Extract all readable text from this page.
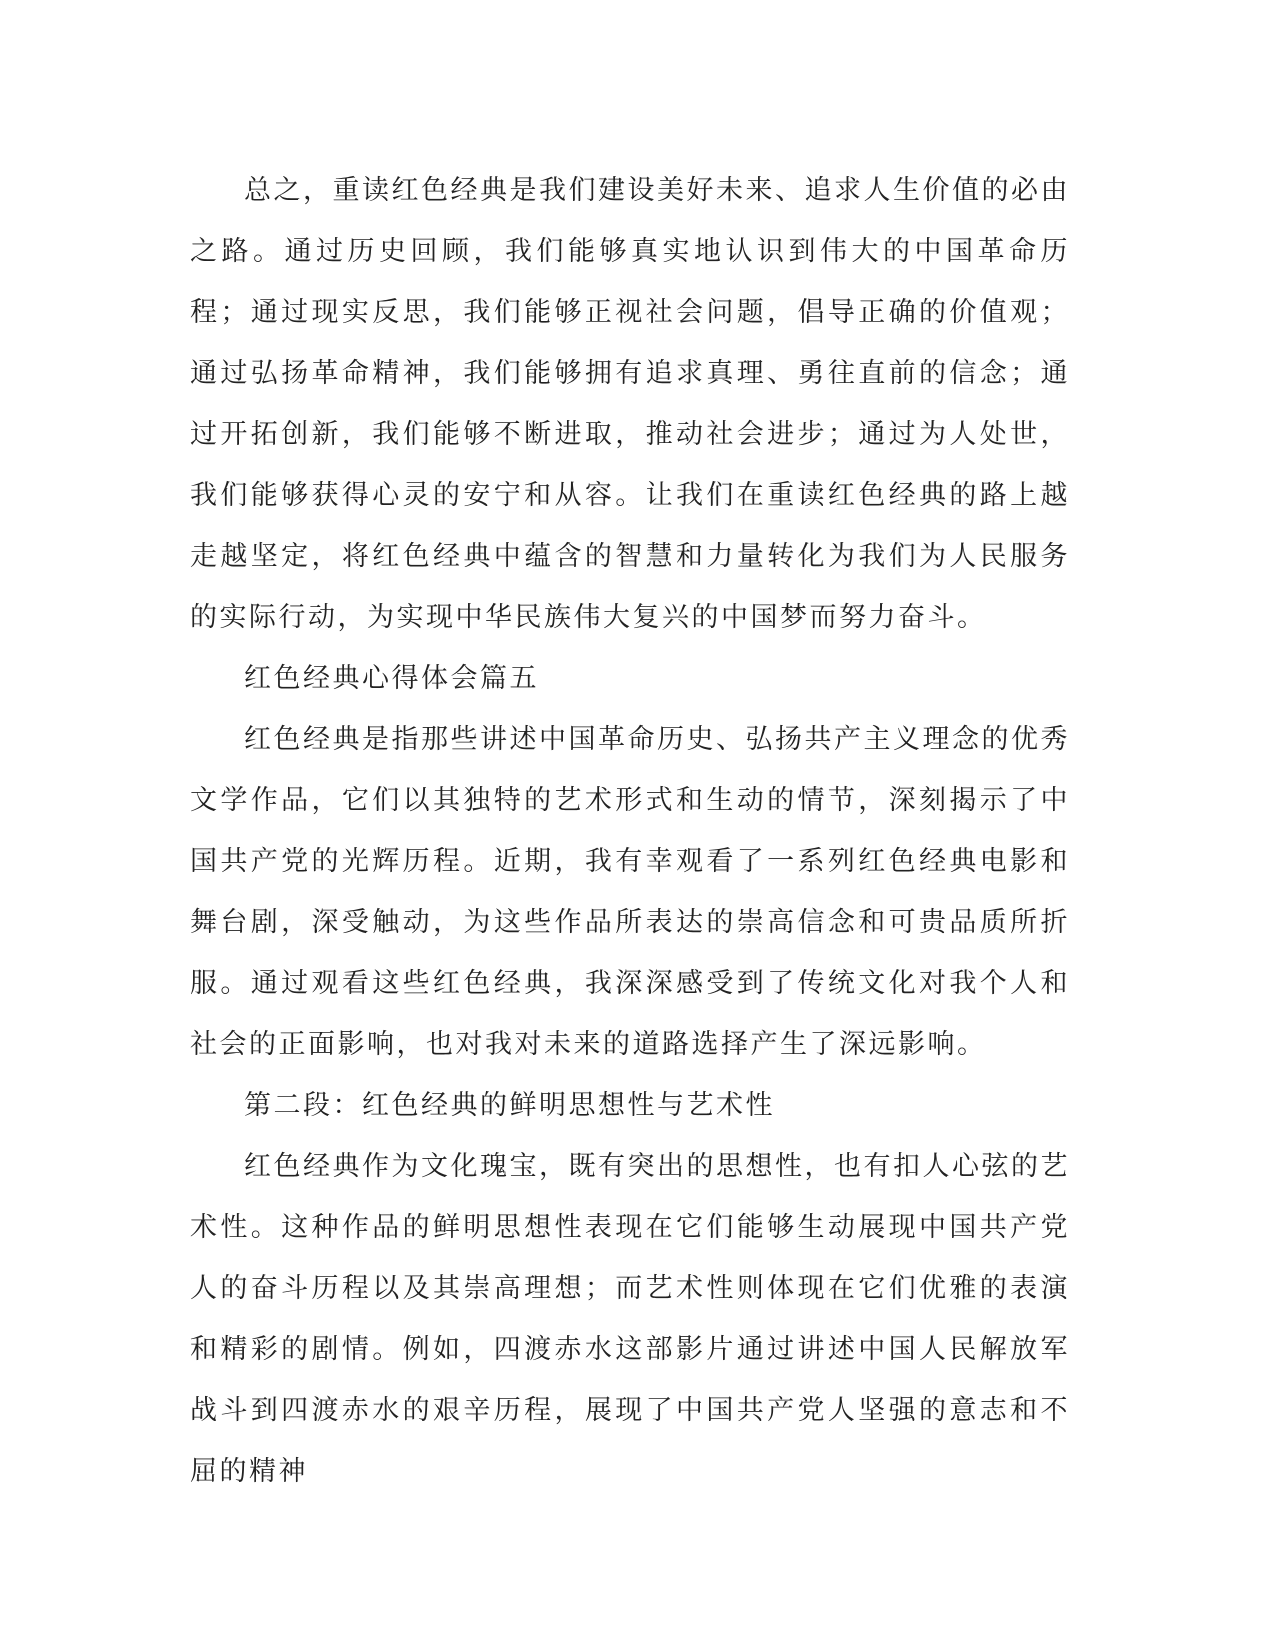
总之，重读红色经典是我们建设美好未来、追求人生价值的必由之路。通过历史回顾，我们能够真实地认识到伟大的中国革命历程；通过现实反思，我们能够正视社会问题，倡导正确的价值观；通过弘扬革命精神，我们能够拥有追求真理、勇往直前的信念；通过开拓创新，我们能够不断进取，推动社会进步；通过为人处世，我们能够获得心灵的安宁和从容。让我们在重读红色经典的路上越走越坚定，将红色经典中蕴含的智慧和力量转化为我们为人民服务的实际行动，为实现中华民族伟大复兴的中国梦而努力奋斗。

红色经典心得体会篇五

红色经典是指那些讲述中国革命历史、弘扬共产主义理念的优秀文学作品，它们以其独特的艺术形式和生动的情节，深刻揭示了中国共产党的光辉历程。近期，我有幸观看了一系列红色经典电影和舞台剧，深受触动，为这些作品所表达的崇高信念和可贵品质所折服。通过观看这些红色经典，我深深感受到了传统文化对我个人和社会的正面影响，也对我对未来的道路选择产生了深远影响。

第二段：红色经典的鲜明思想性与艺术性

红色经典作为文化瑰宝，既有突出的思想性，也有扣人心弦的艺术性。这种作品的鲜明思想性表现在它们能够生动展现中国共产党人的奋斗历程以及其崇高理想；而艺术性则体现在它们优雅的表演和精彩的剧情。例如，四渡赤水这部影片通过讲述中国人民解放军战斗到四渡赤水的艰辛历程，展现了中国共产党人坚强的意志和不屈的精神
